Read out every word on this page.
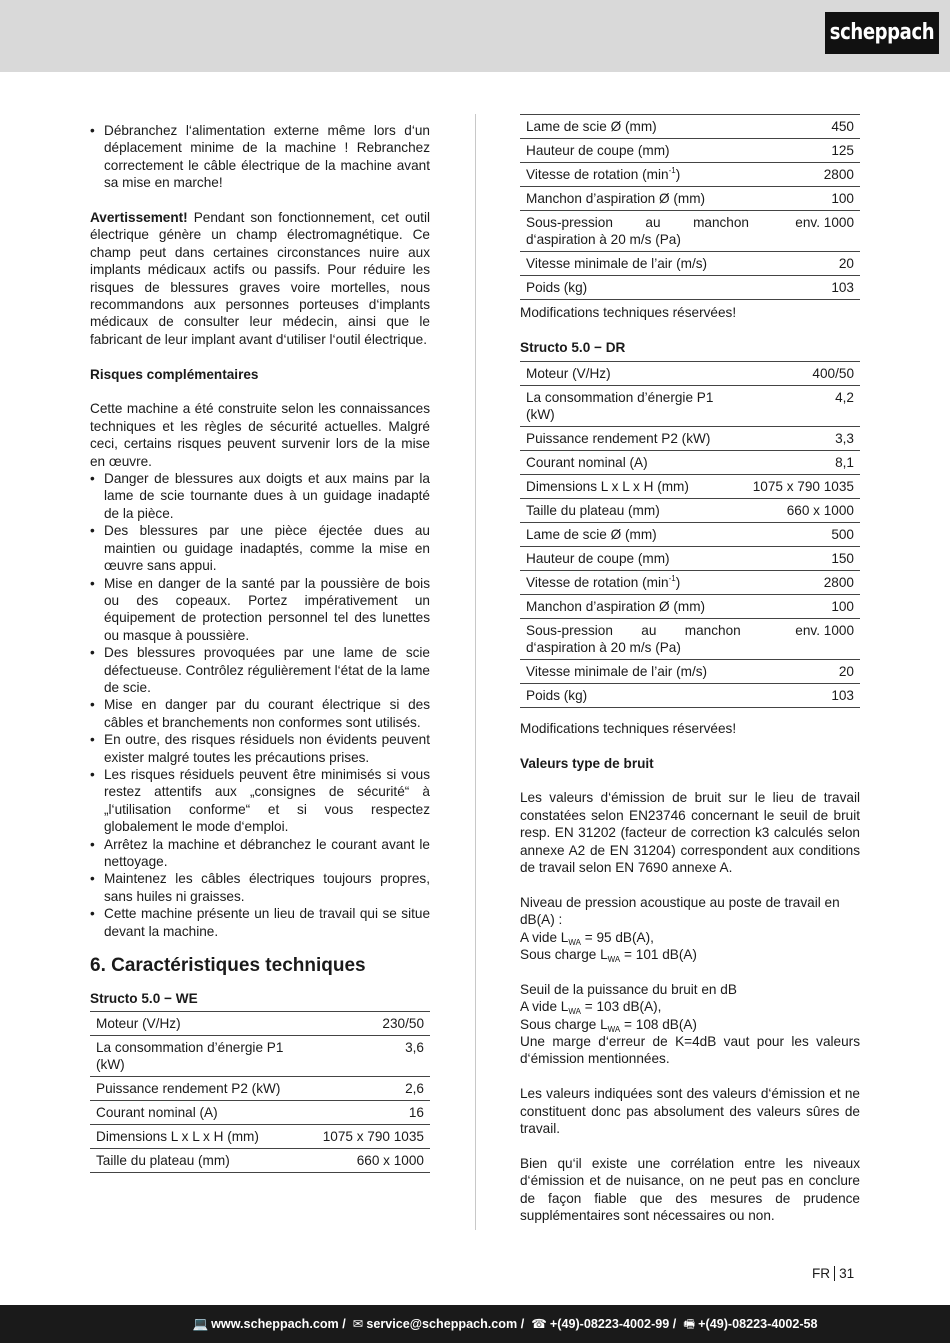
scheppach
• Débranchez l‘alimentation externe même lors d‘un déplacement minime de la machine ! Rebranchez correctement le câble électrique de la machine avant sa mise en marche!

Avertissement! Pendant son fonctionnement, cet outil électrique génère un champ électromagnétique. Ce champ peut dans certaines circonstances nuire aux implants médicaux actifs ou passifs. Pour réduire les risques de blessures graves voire mortelles, nous recommandons aux personnes porteuses d‘implants médicaux de consulter leur médecin, ainsi que le fabricant de leur implant avant d‘utiliser l‘outil électrique.

Risques complémentaires

Cette machine a été construite selon les connaissances techniques et les règles de sécurité actuelles. Malgré ceci, certains risques peuvent survenir lors de la mise en œuvre.

• Danger de blessures aux doigts et aux mains par la lame de scie tournante dues à un guidage inadapté de la pièce.
• Des blessures par une pièce éjectée dues au maintien ou guidage inadaptés, comme la mise en œuvre sans appui.
• Mise en danger de la santé par la poussière de bois ou des copeaux. Portez impérativement un équipement de protection personnel tel des lunettes ou masque à poussière.
• Des blessures provoquées par une lame de scie défectueuse. Contrôlez régulièrement l‘état de la lame de scie.
• Mise en danger par du courant électrique si des câbles et branchements non conformes sont utilisés.
• En outre, des risques résiduels non évidents peuvent exister malgré toutes les précautions prises.
• Les risques résiduels peuvent être minimisés si vous restez attentifs aux „consignes de sécurité“ à „l‘utilisation conforme“ et si vous respectez globalement le mode d‘emploi.
• Arrêtez la machine et débranchez le courant avant le nettoyage.
• Maintenez les câbles électriques toujours propres, sans huiles ni graisses.
• Cette machine présente un lieu de travail qui se situe devant la machine.
6. Caractéristiques techniques
Structo 5.0 − WE
Moteur (V/Hz)	230/50
La consommation d’énergie P1 (kW)	3,6
Puissance rendement P2 (kW)	2,6
Courant nominal (A)	16
Dimensions L x L x H (mm)	1075 x 790 1035
Taille du plateau (mm)	660 x 1000
Lame de scie Ø (mm)	450
Hauteur de coupe (mm)	125
Vitesse de rotation $(\min^{-1})$	2800
Manchon d’aspiration Ø (mm)	100
Sous-pression au manchon d‘aspiration à 20 m/s (Pa)	env. 1000
Vitesse minimale de l’air (m/s)	20
Poids (kg)	103

Modifications techniques réservées!

Structo 5.0 − DR
Moteur (V/Hz)	400/50
La consommation d’énergie P1 (kW)	4,2
Puissance rendement P2 (kW)	3,3
Courant nominal (A)	8,1
Dimensions L x L x H (mm)	1075 x 790 1035
Taille du plateau (mm)	660 x 1000
Lame de scie Ø (mm)	500
Hauteur de coupe (mm)	150
Vitesse de rotation $(\min^{-1})$	2800
Manchon d’aspiration Ø (mm)	100
Sous-pression au manchon d‘aspiration à 20 m/s (Pa)	env. 1000
Vitesse minimale de l’air (m/s)	20
Poids (kg)	103

Modifications techniques réservées!

Valeurs type de bruit

Les valeurs d‘émission de bruit sur le lieu de travail constatées selon EN23746 concernant le seuil de bruit resp. EN 31202 (facteur de correction k3 calculés selon annexe A2 de EN 31204) correspondent aux conditions de travail selon EN 7690 annexe A.

Niveau de pression acoustique au poste de travail en dB(A) :

A vide $L_{WA} = 95$ dB(A),

Sous charge $L_{WA} = 101$ dB(A)

Seuil de la puissance du bruit en dB

A vide $L_{WA} = 103$ dB(A),

Sous charge $L_{WA} = 108$ dB(A)

Une marge d‘erreur de K=4dB vaut pour les valeurs d‘émission mentionnées.

Les valeurs indiquées sont des valeurs d‘émission et ne constituent donc pas absolument des valeurs sûres de travail.

Bien qu‘il existe une corrélation entre les niveaux d‘émission et de nuisance, on ne peut pas en conclure de façon fiable que des mesures de prudence supplémentaires sont nécessaires ou non.

FR 31
💻 www.scheppach.com / ✉ service@scheppach.com / ☎ +(49)-08223-4002-99 / 🖷 +(49)-08223-4002-58
